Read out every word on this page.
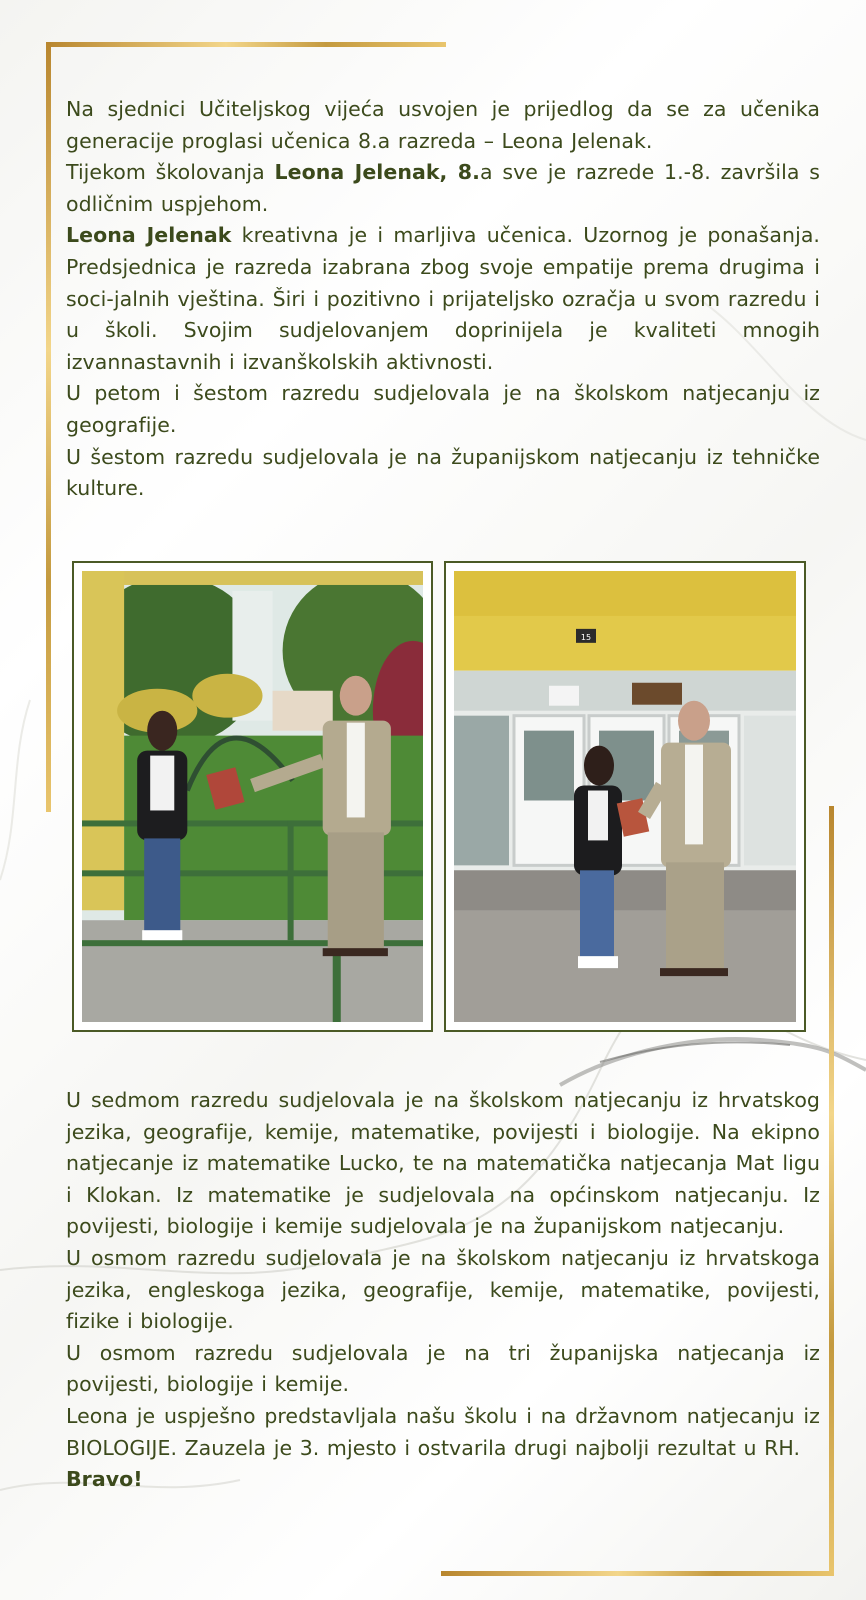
Na sjednici Učiteljskog vijeća usvojen je prijedlog da se za učenika generacije proglasi učenica 8.a razreda – Leona Jelenak.

Tijekom školovanja Leona Jelenak, 8.a sve je razrede 1.-8. završila s odličnim uspjehom.

Leona Jelenak kreativna je i marljiva učenica. Uzornog je ponašanja. Predsjednica je razreda izabrana zbog svoje empatije prema drugima i soci-jalnih vještina. Širi i pozitivno i prijateljsko ozračja u svom razredu i u školi. Svojim sudjelovanjem doprinijela je kvaliteti mnogih izvannastavnih i izvanškolskih aktivnosti.

U petom i šestom razredu sudjelovala je na školskom natjecanju iz geografije.

U šestom razredu sudjelovala je na županijskom natjecanju iz tehničke kulture.

15

U sedmom razredu sudjelovala je na školskom natjecanju iz hrvatskog jezika, geografije, kemije, matematike, povijesti i biologije. Na ekipno natjecanje iz matematike Lucko, te na matematička natjecanja Mat ligu i Klokan. Iz matematike je sudjelovala na općinskom natjecanju. Iz povijesti, biologije i kemije sudjelovala je na županijskom natjecanju.

U osmom razredu sudjelovala je na školskom natjecanju iz hrvatskoga jezika, engleskoga jezika, geografije, kemije, matematike, povijesti, fizike i biologije.

U osmom razredu sudjelovala je na tri županijska natjecanja iz povijesti, biologije i kemije.

Leona je uspješno predstavljala našu školu i na državnom natjecanju iz BIOLOGIJE. Zauzela je 3. mjesto i ostvarila drugi najbolji rezultat u RH.

Bravo!
